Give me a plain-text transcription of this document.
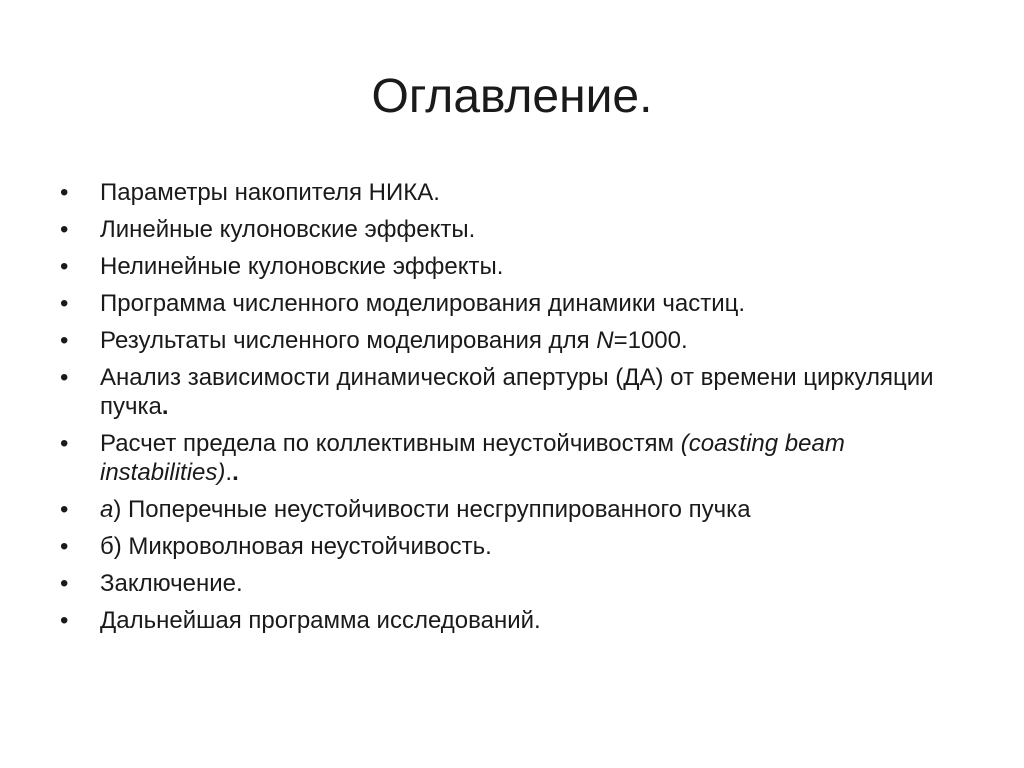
Оглавление.
•	Параметры накопителя НИКА.
•	Линейные кулоновские эффекты.
•	Нелинейные кулоновские эффекты.
•	Программа численного моделирования динамики частиц.
•	Результаты численного моделирования для N=1000.
•	Анализ зависимости динамической апертуры (ДА) от времени циркуляции пучка.
•	Расчет предела по коллективным неустойчивостям (coasting beam instabilities)..
•	а) Поперечные неустойчивости несгруппированного пучка
•	б) Микроволновая неустойчивость.
•	Заключение.
•	Дальнейшая программа исследований.
